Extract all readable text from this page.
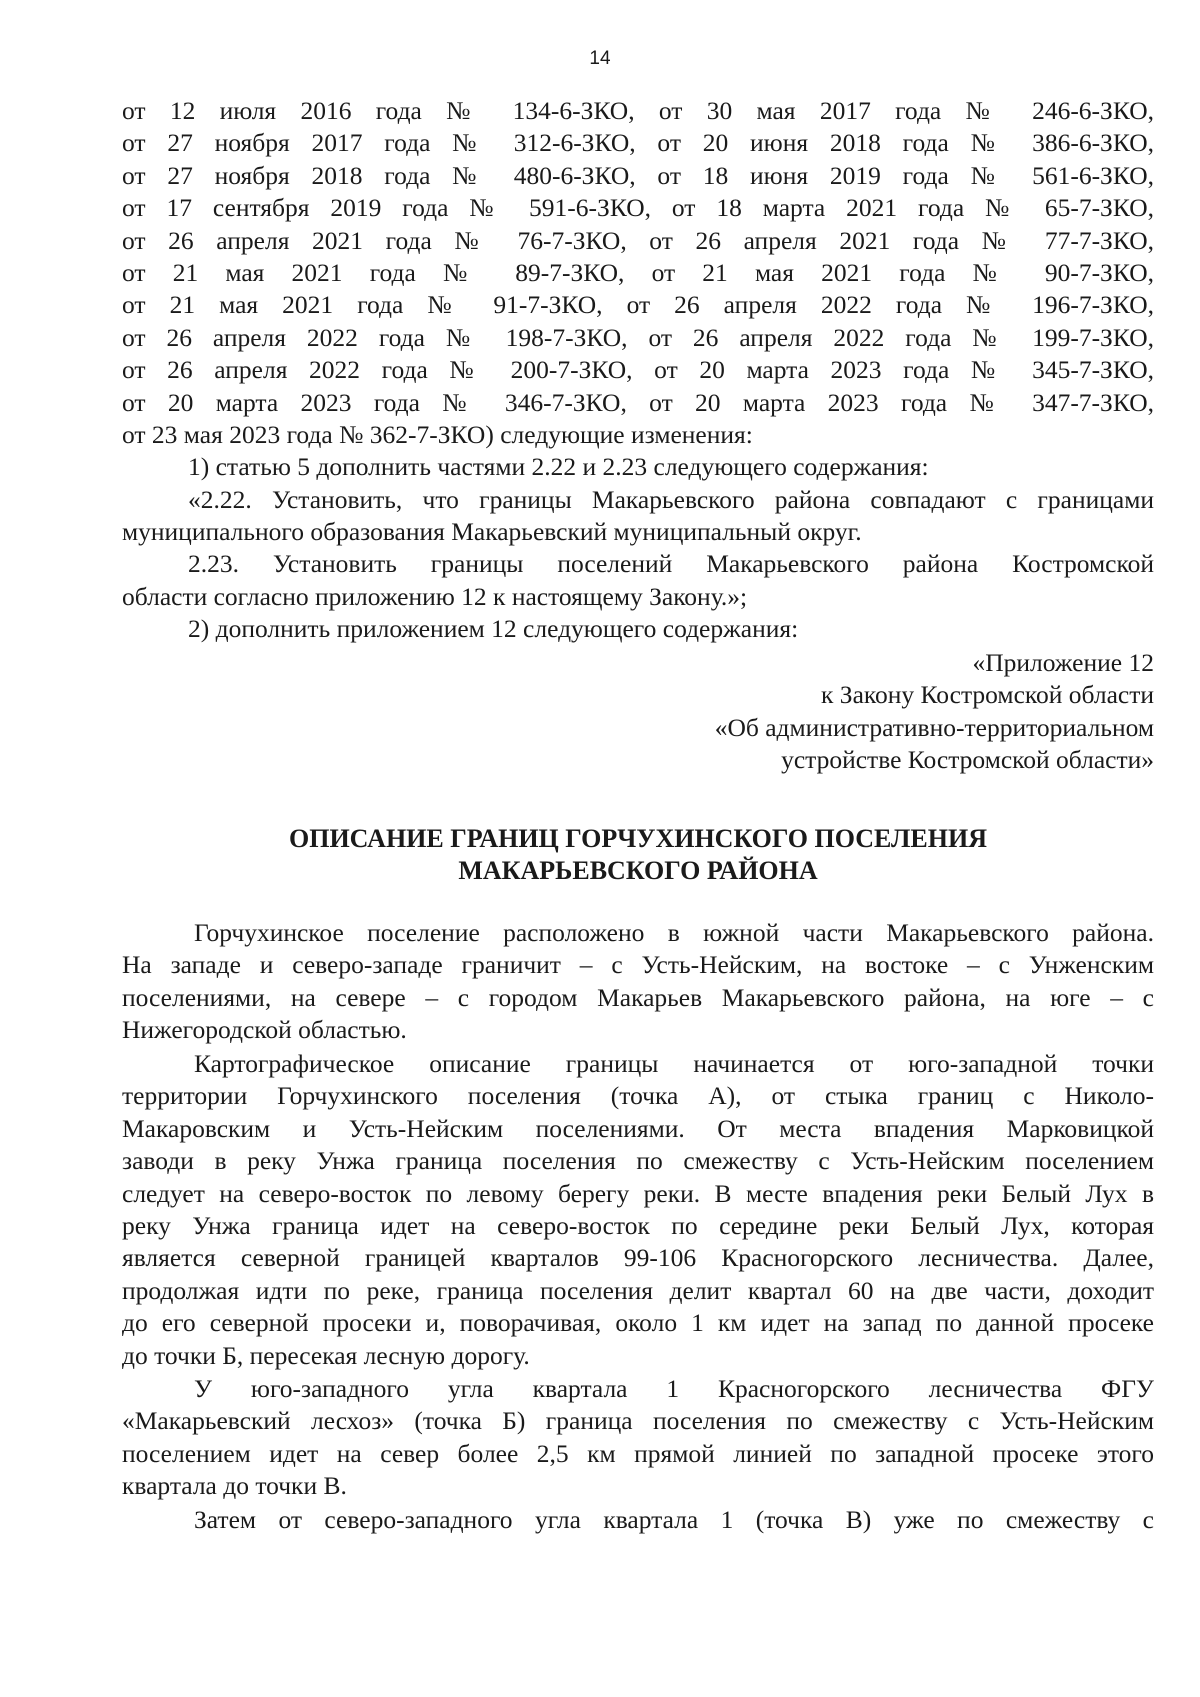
14
от 12 июля 2016 года № 134-6-ЗКО, от 30 мая 2017 года № 246-6-ЗКО,
от 27 ноября 2017 года № 312-6-ЗКО, от 20 июня 2018 года № 386-6-ЗКО,
от 27 ноября 2018 года № 480-6-ЗКО, от 18 июня 2019 года № 561-6-ЗКО,
от 17 сентября 2019 года № 591-6-ЗКО, от 18 марта 2021 года № 65-7-ЗКО,
от 26 апреля 2021 года № 76-7-ЗКО, от 26 апреля 2021 года № 77-7-ЗКО,
от 21 мая 2021 года № 89-7-ЗКО, от 21 мая 2021 года № 90-7-ЗКО,
от 21 мая 2021 года № 91-7-ЗКО, от 26 апреля 2022 года № 196-7-ЗКО,
от 26 апреля 2022 года № 198-7-ЗКО, от 26 апреля 2022 года № 199-7-ЗКО,
от 26 апреля 2022 года № 200-7-ЗКО, от 20 марта 2023 года № 345-7-ЗКО,
от 20 марта 2023 года № 346-7-ЗКО, от 20 марта 2023 года № 347-7-ЗКО,
от 23 мая 2023 года № 362-7-ЗКО) следующие изменения:
1) статью 5 дополнить частями 2.22 и 2.23 следующего содержания:
«2.22. Установить, что границы Макарьевского района совпадают с границами
муниципального образования Макарьевский муниципальный округ.
2.23. Установить границы поселений Макарьевского района Костромской
области согласно приложению 12 к настоящему Закону.»;
2) дополнить приложением 12 следующего содержания:
«Приложение 12
к Закону Костромской области
«Об административно-территориальном
устройстве Костромской области»
ОПИСАНИЕ ГРАНИЦ ГОРЧУХИНСКОГО ПОСЕЛЕНИЯ
МАКАРЬЕВСКОГО РАЙОНА
Горчухинское поселение расположено в южной части Макарьевского района.
На западе и северо-западе граничит – с Усть-Нейским, на востоке – с Унженским
поселениями, на севере – с городом Макарьев Макарьевского района, на юге – с
Нижегородской областью.
Картографическое описание границы начинается от юго-западной точки
территории Горчухинского поселения (точка А), от стыка границ с Николо-
Макаровским и Усть-Нейским поселениями. От места впадения Марковицкой
заводи в реку Унжа граница поселения по смежеству с Усть-Нейским поселением
следует на северо-восток по левому берегу реки. В месте впадения реки Белый Лух в
реку Унжа граница идет на северо-восток по середине реки Белый Лух, которая
является северной границей кварталов 99-106 Красногорского лесничества. Далее,
продолжая идти по реке, граница поселения делит квартал 60 на две части, доходит
до его северной просеки и, поворачивая, около 1 км идет на запад по данной просеке
до точки Б, пересекая лесную дорогу.
У юго-западного угла квартала 1 Красногорского лесничества ФГУ
«Макарьевский лесхоз» (точка Б) граница поселения по смежеству с Усть-Нейским
поселением идет на север более 2,5 км прямой линией по западной просеке этого
квартала до точки В.
Затем от северо-западного угла квартала 1 (точка В) уже по смежеству с
